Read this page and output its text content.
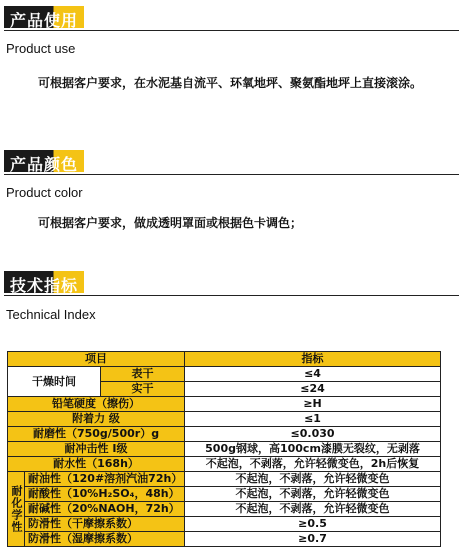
产品使用
Product use
可根据客户要求，在水泥基自流平、环氧地坪、聚氨酯地坪上直接滚涂。
产品颜色
Product color
可根据客户要求，做成透明罩面或根据色卡调色；
技术指标
Technical Index
项目			指标
干燥时间		表干	≤4
		实干	≤24
铅笔硬度（擦伤）			≥H
附着力 级			≤1
耐磨性（750g/500r）g			≤0.030
耐冲击性 I级			500g钢球，高100cm漆膜无裂纹，无剥落
耐水性（168h）			不起泡，不剥落，允许轻微变色，2h后恢复
耐化学性	耐油性（120#溶剂汽油72h）		不起泡，不剥落，允许轻微变色
	耐酸性（10%H₂SO₄，48h）		不起泡，不剥落，允许轻微变色
	耐碱性（20%NAOH，72h）		不起泡，不剥落，允许轻微变色
	防滑性（干摩擦系数）		≥0.5
	防滑性（湿摩擦系数）		≥0.7
